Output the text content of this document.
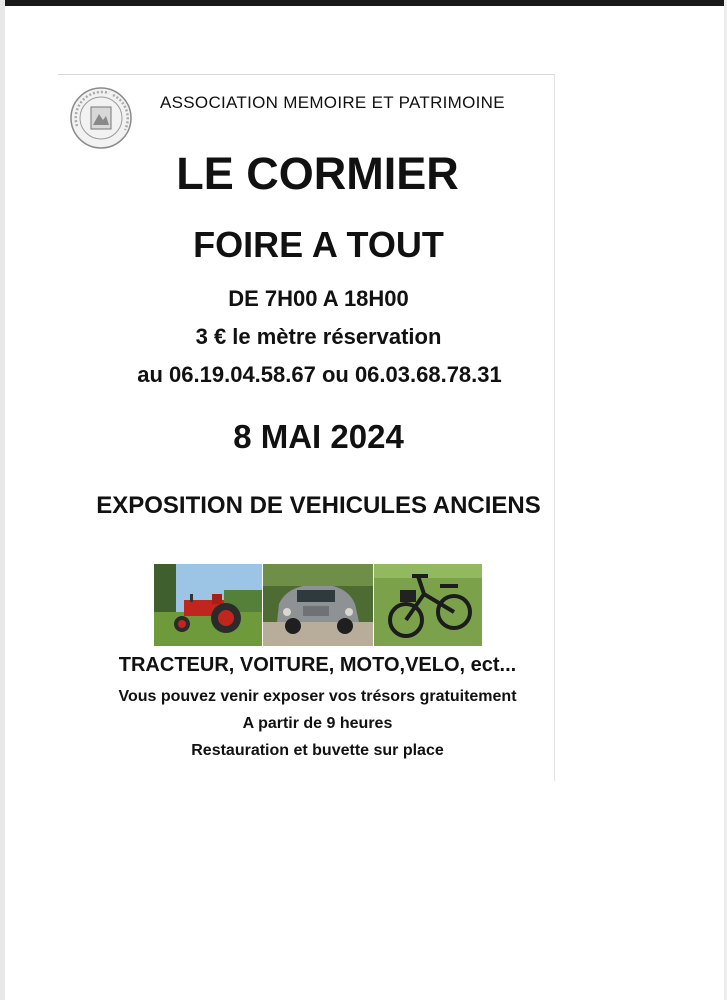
ASSOCIATION MEMOIRE ET PATRIMOINE
LE CORMIER
FOIRE A TOUT
DE 7H00 A 18H00
3 € le mètre réservation
au 06.19.04.58.67 ou 06.03.68.78.31
8 MAI 2024
EXPOSITION DE VEHICULES ANCIENS
TRACTEUR, VOITURE, MOTO,VELO, ect...
Vous pouvez venir exposer vos trésors gratuitement
A partir de 9 heures
Restauration et buvette sur place
